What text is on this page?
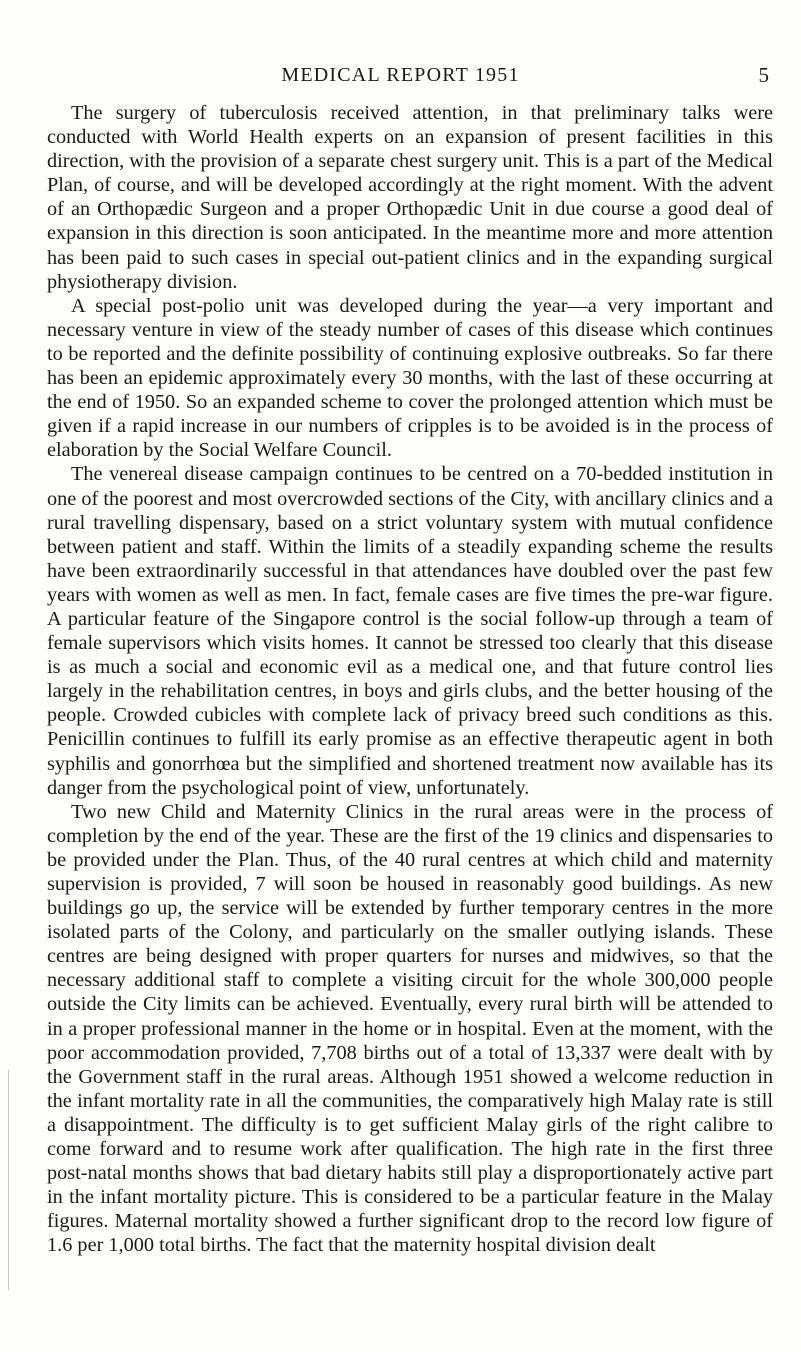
MEDICAL REPORT 1951	5

The surgery of tuberculosis received attention, in that preliminary talks were conducted with World Health experts on an expansion of present facilities in this direction, with the provision of a separate chest surgery unit. This is a part of the Medical Plan, of course, and will be developed accordingly at the right moment. With the advent of an Orthopædic Surgeon and a proper Orthopædic Unit in due course a good deal of expansion in this direction is soon anticipated. In the meantime more and more attention has been paid to such cases in special out-patient clinics and in the expanding surgical physiotherapy division.

A special post-polio unit was developed during the year—a very important and necessary venture in view of the steady number of cases of this disease which continues to be reported and the definite possibility of continuing explosive outbreaks. So far there has been an epidemic approximately every 30 months, with the last of these occurring at the end of 1950. So an expanded scheme to cover the prolonged attention which must be given if a rapid increase in our numbers of cripples is to be avoided is in the process of elaboration by the Social Welfare Council.

The venereal disease campaign continues to be centred on a 70-bedded institution in one of the poorest and most overcrowded sections of the City, with ancillary clinics and a rural travelling dispensary, based on a strict voluntary system with mutual confidence between patient and staff. Within the limits of a steadily expanding scheme the results have been extraordinarily successful in that attendances have doubled over the past few years with women as well as men. In fact, female cases are five times the pre-war figure. A particular feature of the Singapore control is the social follow-up through a team of female supervisors which visits homes. It cannot be stressed too clearly that this disease is as much a social and economic evil as a medical one, and that future control lies largely in the rehabilitation centres, in boys and girls clubs, and the better housing of the people. Crowded cubicles with complete lack of privacy breed such conditions as this. Penicillin continues to fulfill its early promise as an effective therapeutic agent in both syphilis and gonorrhœa but the simplified and shortened treatment now available has its danger from the psychological point of view, unfortunately.

Two new Child and Maternity Clinics in the rural areas were in the process of completion by the end of the year. These are the first of the 19 clinics and dispensaries to be provided under the Plan. Thus, of the 40 rural centres at which child and maternity supervision is provided, 7 will soon be housed in reasonably good buildings. As new buildings go up, the service will be extended by further temporary centres in the more isolated parts of the Colony, and particularly on the smaller outlying islands. These centres are being designed with proper quarters for nurses and midwives, so that the necessary additional staff to complete a visiting circuit for the whole 300,000 people outside the City limits can be achieved. Eventually, every rural birth will be attended to in a proper professional manner in the home or in hospital. Even at the moment, with the poor accommodation provided, 7,708 births out of a total of 13,337 were dealt with by the Government staff in the rural areas. Although 1951 showed a welcome reduction in the infant mortality rate in all the communities, the comparatively high Malay rate is still a disappointment. The difficulty is to get sufficient Malay girls of the right calibre to come forward and to resume work after qualification. The high rate in the first three post-natal months shows that bad dietary habits still play a disproportionately active part in the infant mortality picture. This is considered to be a particular feature in the Malay figures. Maternal mortality showed a further significant drop to the record low figure of 1.6 per 1,000 total births. The fact that the maternity hospital division dealt
